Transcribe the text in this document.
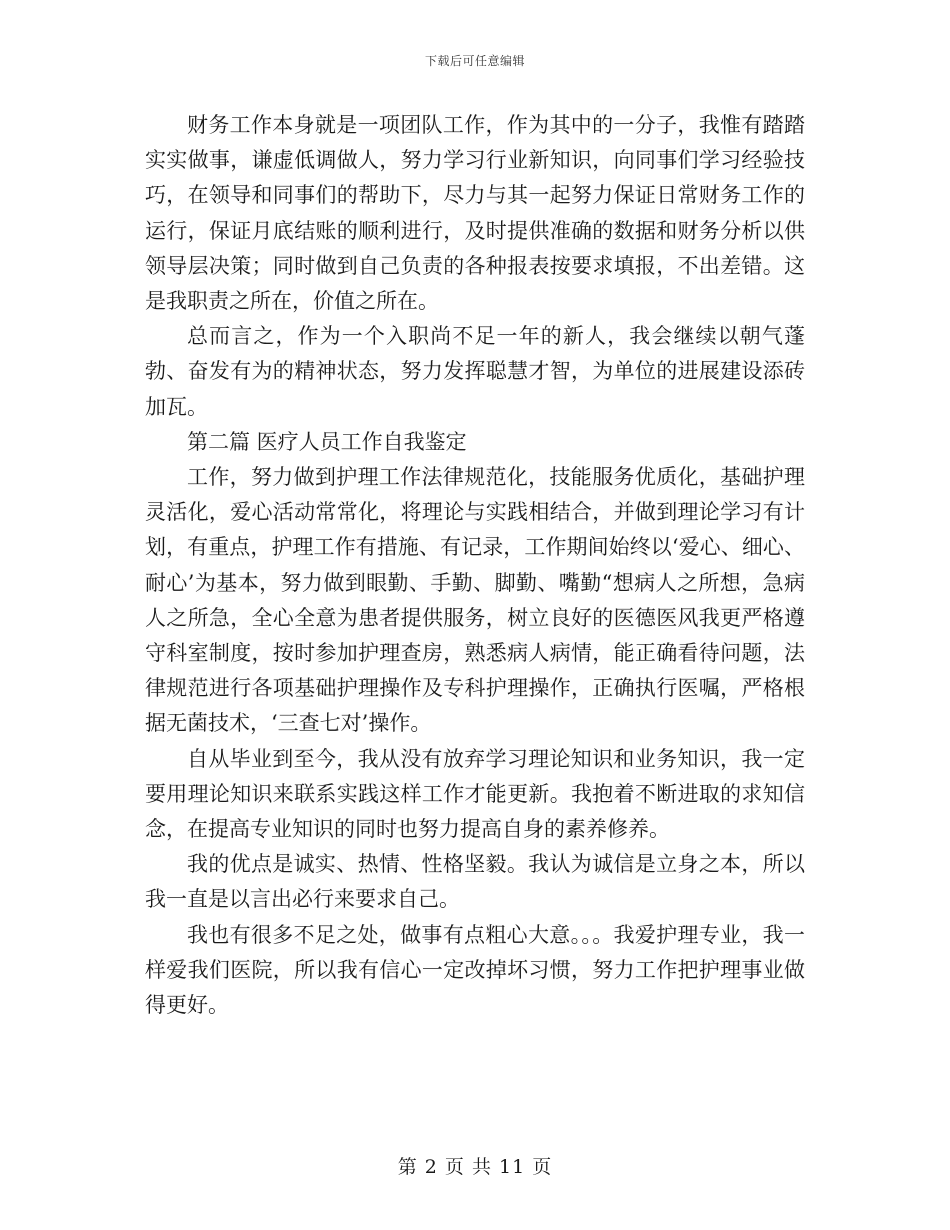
下载后可任意编辑

财务工作本身就是一项团队工作，作为其中的一分子，我惟有踏踏实实做事，谦虚低调做人，努力学习行业新知识，向同事们学习经验技巧，在领导和同事们的帮助下，尽力与其一起努力保证日常财务工作的运行，保证月底结账的顺利进行，及时提供准确的数据和财务分析以供领导层决策；同时做到自己负责的各种报表按要求填报，不出差错。这是我职责之所在，价值之所在。

总而言之，作为一个入职尚不足一年的新人，我会继续以朝气蓬勃、奋发有为的精神状态，努力发挥聪慧才智，为单位的进展建设添砖加瓦。

第二篇 医疗人员工作自我鉴定

工作，努力做到护理工作法律规范化，技能服务优质化，基础护理灵活化，爱心活动常常化，将理论与实践相结合，并做到理论学习有计划，有重点，护理工作有措施、有记录，工作期间始终以‘爱心、细心、耐心’为基本，努力做到眼勤、手勤、脚勤、嘴勤“想病人之所想，急病人之所急，全心全意为患者提供服务，树立良好的医德医风我更严格遵守科室制度，按时参加护理查房，熟悉病人病情，能正确看待问题，法律规范进行各项基础护理操作及专科护理操作，正确执行医嘱，严格根据无菌技术，‘三查七对’操作。

自从毕业到至今，我从没有放弃学习理论知识和业务知识，我一定要用理论知识来联系实践这样工作才能更新。我抱着不断进取的求知信念，在提高专业知识的同时也努力提高自身的素养修养。

我的优点是诚实、热情、性格坚毅。我认为诚信是立身之本，所以我一直是以言出必行来要求自己。

我也有很多不足之处，做事有点粗心大意。。。我爱护理专业，我一样爱我们医院，所以我有信心一定改掉坏习惯，努力工作把护理事业做得更好。

第 2 页 共 11 页
